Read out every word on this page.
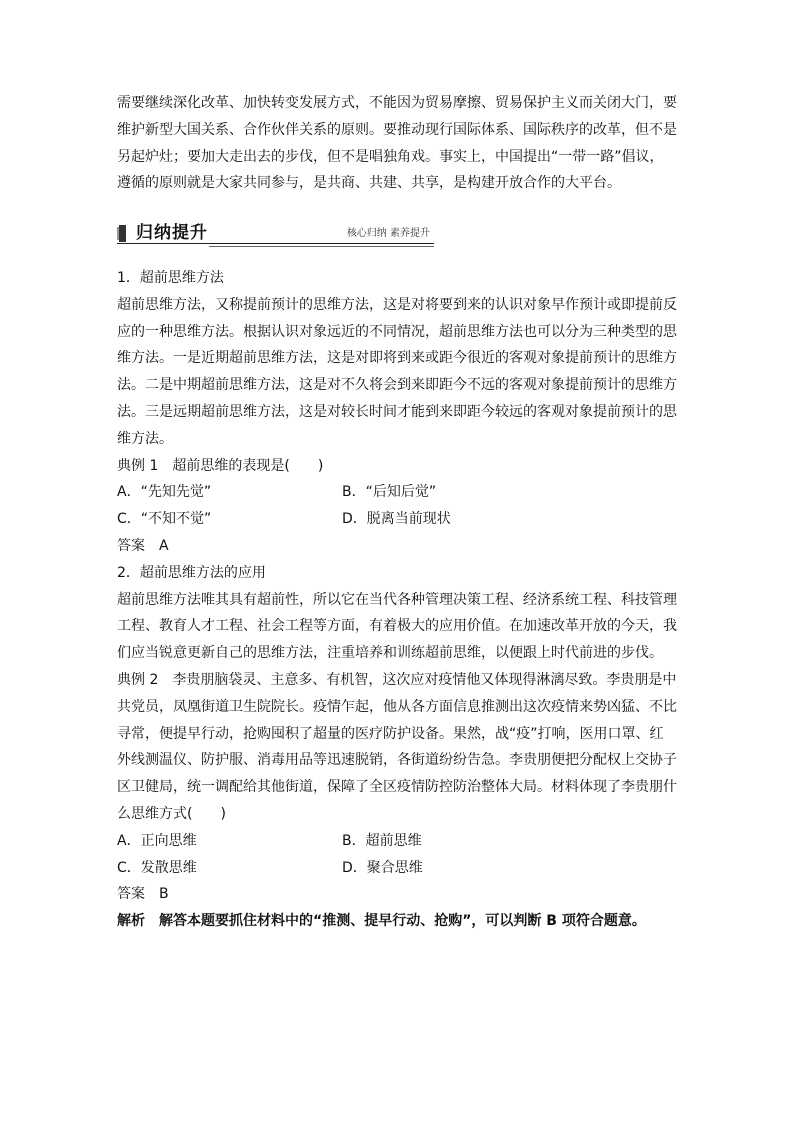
需要继续深化改革、加快转变发展方式，不能因为贸易摩擦、贸易保护主义而关闭大门，要

维护新型大国关系、合作伙伴关系的原则。要推动现行国际体系、国际秩序的改革，但不是

另起炉灶；要加大走出去的步伐，但不是唱独角戏。事实上，中国提出“一带一路”倡议，

遵循的原则就是大家共同参与，是共商、共建、共享，是构建开放合作的大平台。

归纳提升	核心归纳 素养提升

1．超前思维方法

超前思维方法，又称提前预计的思维方法，这是对将要到来的认识对象早作预计或即提前反

应的一种思维方法。根据认识对象远近的不同情况，超前思维方法也可以分为三种类型的思

维方法。一是近期超前思维方法，这是对即将到来或距今很近的客观对象提前预计的思维方

法。二是中期超前思维方法，这是对不久将会到来即距今不远的客观对象提前预计的思维方

法。三是远期超前思维方法，这是对较长时间才能到来即距今较远的客观对象提前预计的思

维方法。

典例 1　超前思维的表现是(　　)

A．“先知先觉”	B．“后知后觉”
C．“不知不觉”	D．脱离当前现状

答案　A

2．超前思维方法的应用

超前思维方法唯其具有超前性，所以它在当代各种管理决策工程、经济系统工程、科技管理

工程、教育人才工程、社会工程等方面，有着极大的应用价值。在加速改革开放的今天，我

们应当锐意更新自己的思维方法，注重培养和训练超前思维，以便跟上时代前进的步伐。

典例 2　李贵朋脑袋灵、主意多、有机智，这次应对疫情他又体现得淋漓尽致。李贵朋是中

共党员，凤凰街道卫生院院长。疫情乍起，他从各方面信息推测出这次疫情来势凶猛、不比

寻常，便提早行动，抢购囤积了超量的医疗防护设备。果然，战“疫”打响，医用口罩、红

外线测温仪、防护服、消毒用品等迅速脱销，各街道纷纷告急。李贵朋便把分配权上交协子

区卫健局，统一调配给其他街道，保障了全区疫情防控防治整体大局。材料体现了李贵朋什

么思维方式(　　)

A．正向思维	B．超前思维
C．发散思维	D．聚合思维

答案　B

解析　解答本题要抓住材料中的“推测、提早行动、抢购”，可以判断 B 项符合题意。
